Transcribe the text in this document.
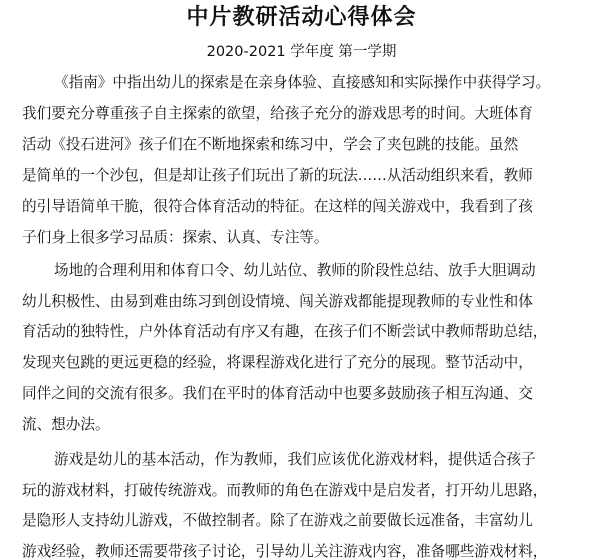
中片教研活动心得体会
2020-2021 学年度 第一学期
《指南》中指出幼儿的探索是在亲身体验、直接感知和实际操作中获得学习。
我们要充分尊重孩子自主探索的欲望，给孩子充分的游戏思考的时间。大班体育
活动《投石进河》孩子们在不断地探索和练习中，学会了夹包跳的技能。虽然
是简单的一个沙包，但是却让孩子们玩出了新的玩法……从活动组织来看，教师
的引导语简单干脆，很符合体育活动的特征。在这样的闯关游戏中，我看到了孩
子们身上很多学习品质：探索、认真、专注等。
场地的合理利用和体育口令、幼儿站位、教师的阶段性总结、放手大胆调动
幼儿积极性、由易到难由练习到创设情境、闯关游戏都能提现教师的专业性和体
育活动的独特性，户外体育活动有序又有趣，在孩子们不断尝试中教师帮助总结，
发现夹包跳的更远更稳的经验，将课程游戏化进行了充分的展现。整节活动中，
同伴之间的交流有很多。我们在平时的体育活动中也要多鼓励孩子相互沟通、交
流、想办法。
游戏是幼儿的基本活动，作为教师，我们应该优化游戏材料，提供适合孩子
玩的游戏材料，打破传统游戏。而教师的角色在游戏中是启发者，打开幼儿思路，
是隐形人支持幼儿游戏，不做控制者。除了在游戏之前要做长远准备，丰富幼儿
游戏经验，教师还需要带孩子讨论，引导幼儿关注游戏内容，准备哪些游戏材料，
